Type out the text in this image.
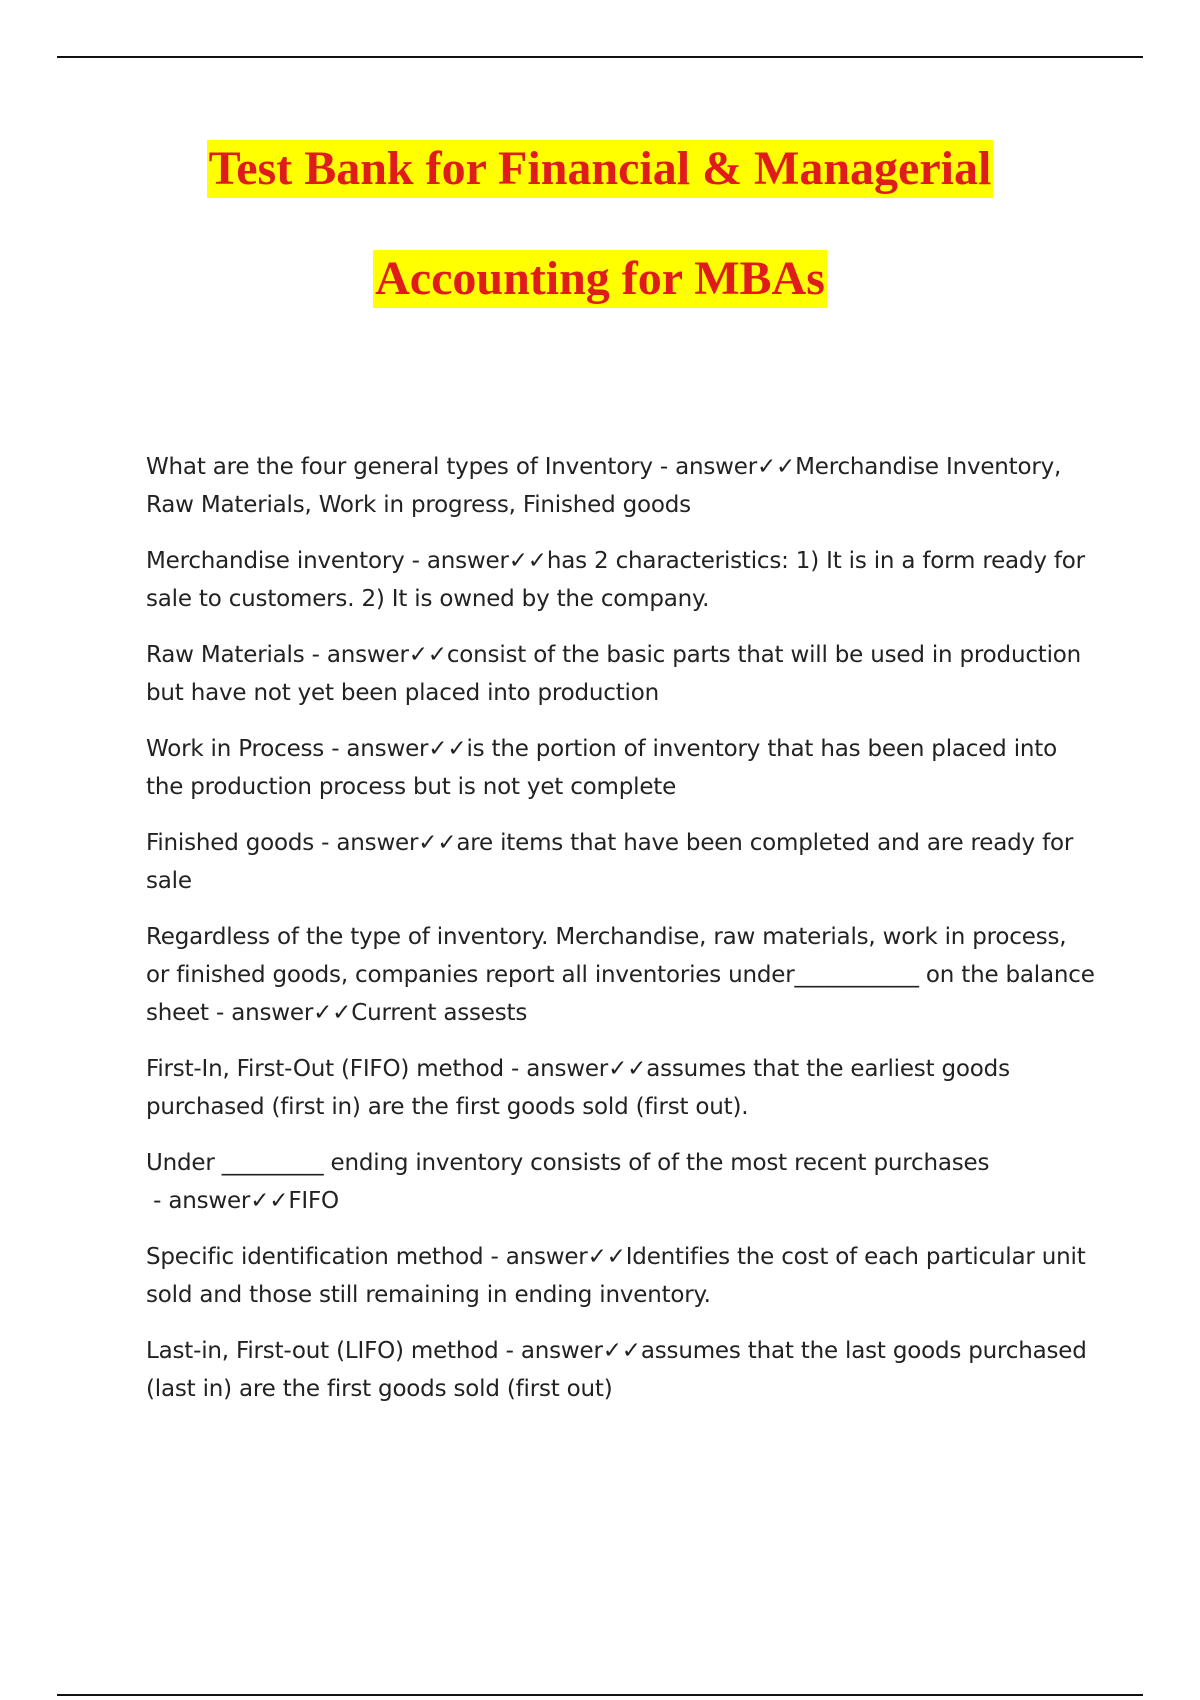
Test Bank for Financial & Managerial
Accounting for MBAs

What are the four general types of Inventory - answer✓✓Merchandise Inventory, Raw Materials, Work in progress, Finished goods

Merchandise inventory - answer✓✓has 2 characteristics: 1) It is in a form ready for sale to customers. 2) It is owned by the company.

Raw Materials - answer✓✓consist of the basic parts that will be used in production but have not yet been placed into production

Work in Process - answer✓✓is the portion of inventory that has been placed into the production process but is not yet complete

Finished goods - answer✓✓are items that have been completed and are ready for sale

Regardless of the type of inventory. Merchandise, raw materials, work in process, or finished goods, companies report all inventories under___________ on the balance sheet - answer✓✓Current assests

First-In, First-Out (FIFO) method - answer✓✓assumes that the earliest goods purchased (first in) are the first goods sold (first out).

Under _________ ending inventory consists of of the most recent purchases - answer✓✓FIFO

Specific identification method - answer✓✓Identifies the cost of each particular unit sold and those still remaining in ending inventory.

Last-in, First-out (LIFO) method - answer✓✓assumes that the last goods purchased (last in) are the first goods sold (first out)
